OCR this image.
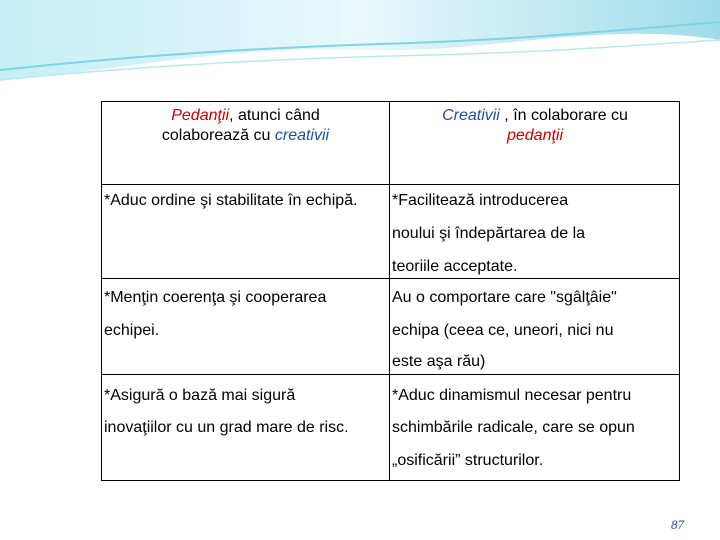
Pedanţii, atunci când
colaborează cu creativii
Creativii , în colaborare cu
pedanţii
*Aduc ordine şi stabilitate în echipă. *Facilitează introducerea
noului şi îndepărtarea de la
teoriile acceptate.
*Menţin coerenţa şi cooperarea
echipei.
Au o comportare care "sgâlţâie"
echipa (ceea ce, uneori, nici nu
este aşa rău)
*Asigură o bază mai sigură
inovaţiilor cu un grad mare de risc.
*Aduc dinamismul necesar pentru
schimbările radicale, care se opun
„osificării” structurilor.
87
